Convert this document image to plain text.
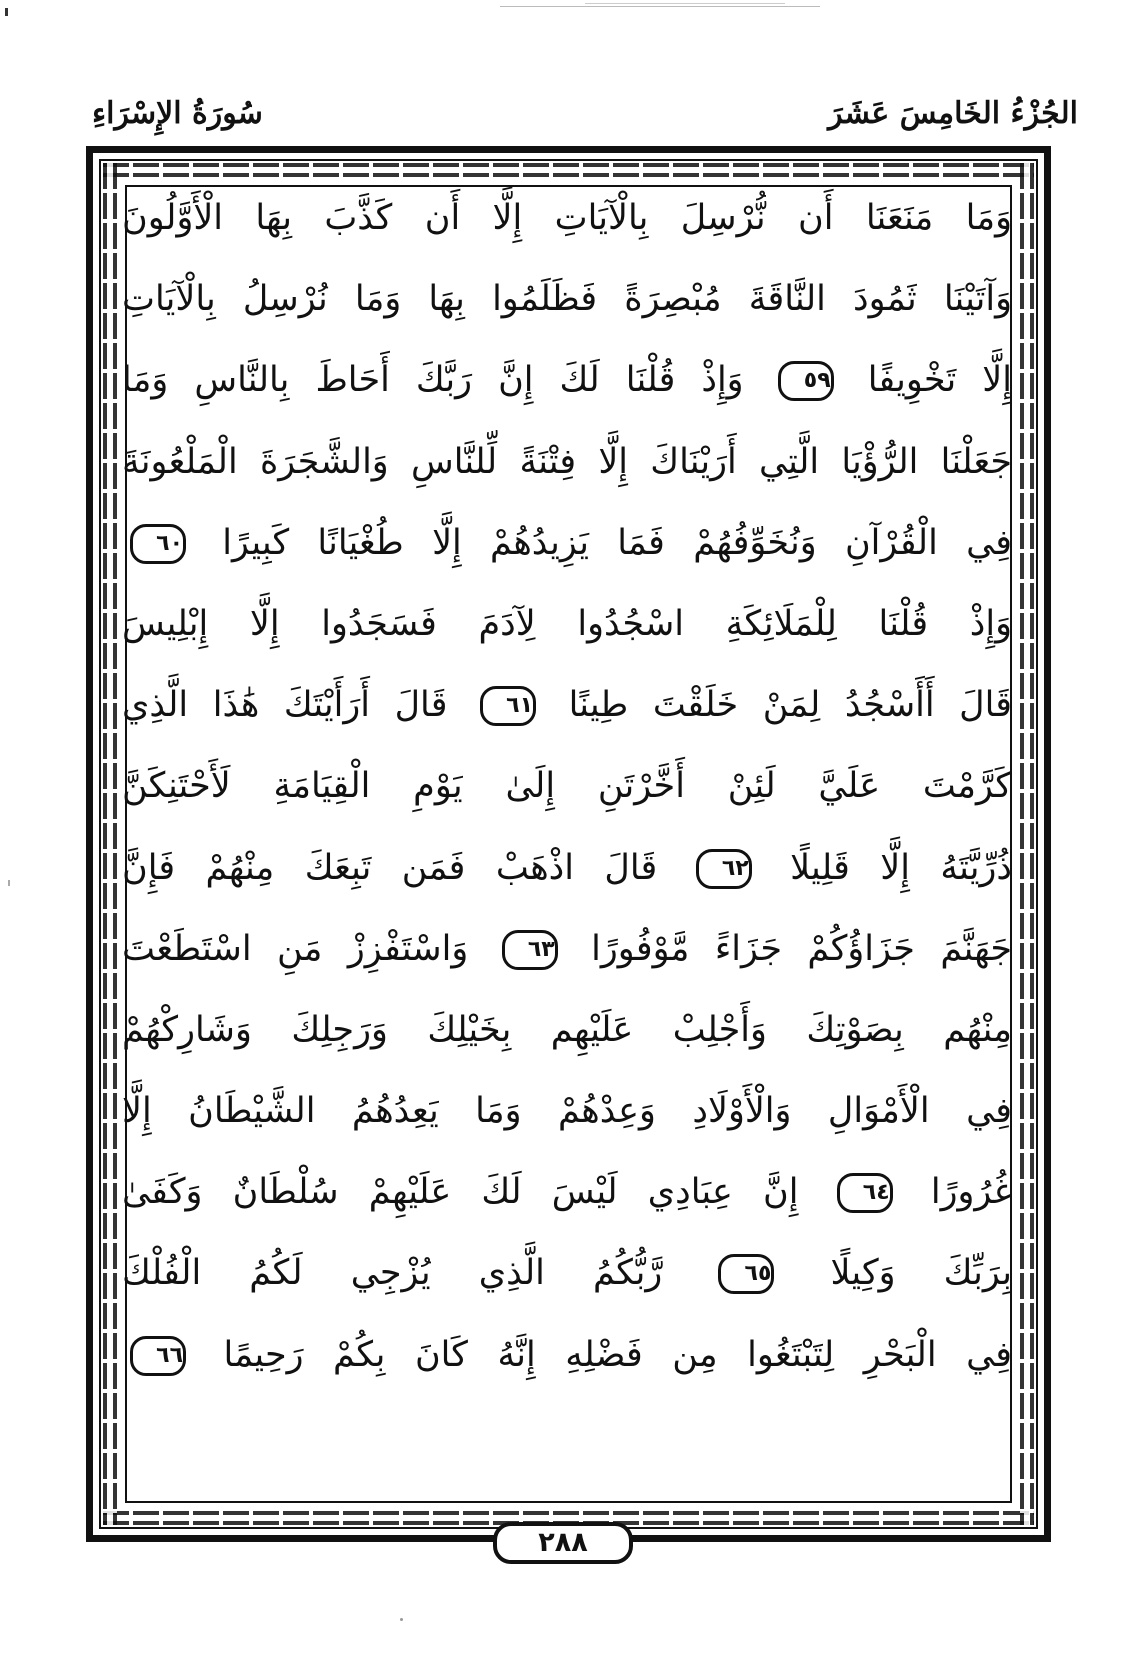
الجُزْءُ الخَامِسَ عَشَرَ
سُورَةُ الإِسْرَاءِ
وَمَا مَنَعَنَا أَن نُّرْسِلَ بِالْآيَاتِ إِلَّا أَن كَذَّبَ بِهَا الْأَوَّلُونَ
وَآتَيْنَا ثَمُودَ النَّاقَةَ مُبْصِرَةً فَظَلَمُوا بِهَا وَمَا نُرْسِلُ بِالْآيَاتِ
إِلَّا تَخْوِيفًا ٥٩ وَإِذْ قُلْنَا لَكَ إِنَّ رَبَّكَ أَحَاطَ بِالنَّاسِ وَمَا
جَعَلْنَا الرُّؤْيَا الَّتِي أَرَيْنَاكَ إِلَّا فِتْنَةً لِّلنَّاسِ وَالشَّجَرَةَ الْمَلْعُونَةَ
فِي الْقُرْآنِ وَنُخَوِّفُهُمْ فَمَا يَزِيدُهُمْ إِلَّا طُغْيَانًا كَبِيرًا ٦٠
وَإِذْ قُلْنَا لِلْمَلَائِكَةِ اسْجُدُوا لِآدَمَ فَسَجَدُوا إِلَّا إِبْلِيسَ
قَالَ أَأَسْجُدُ لِمَنْ خَلَقْتَ طِينًا ٦١ قَالَ أَرَأَيْتَكَ هَٰذَا الَّذِي
كَرَّمْتَ عَلَيَّ لَئِنْ أَخَّرْتَنِ إِلَىٰ يَوْمِ الْقِيَامَةِ لَأَحْتَنِكَنَّ
ذُرِّيَّتَهُ إِلَّا قَلِيلًا ٦٢ قَالَ اذْهَبْ فَمَن تَبِعَكَ مِنْهُمْ فَإِنَّ
جَهَنَّمَ جَزَاؤُكُمْ جَزَاءً مَّوْفُورًا ٦٣ وَاسْتَفْزِزْ مَنِ اسْتَطَعْتَ
مِنْهُم بِصَوْتِكَ وَأَجْلِبْ عَلَيْهِم بِخَيْلِكَ وَرَجِلِكَ وَشَارِكْهُمْ
فِي الْأَمْوَالِ وَالْأَوْلَادِ وَعِدْهُمْ وَمَا يَعِدُهُمُ الشَّيْطَانُ إِلَّا
غُرُورًا ٦٤ إِنَّ عِبَادِي لَيْسَ لَكَ عَلَيْهِمْ سُلْطَانٌ وَكَفَىٰ
بِرَبِّكَ وَكِيلًا ٦٥ رَّبُّكُمُ الَّذِي يُزْجِي لَكُمُ الْفُلْكَ
فِي الْبَحْرِ لِتَبْتَغُوا مِن فَضْلِهِ إِنَّهُ كَانَ بِكُمْ رَحِيمًا ٦٦
٢٨٨
